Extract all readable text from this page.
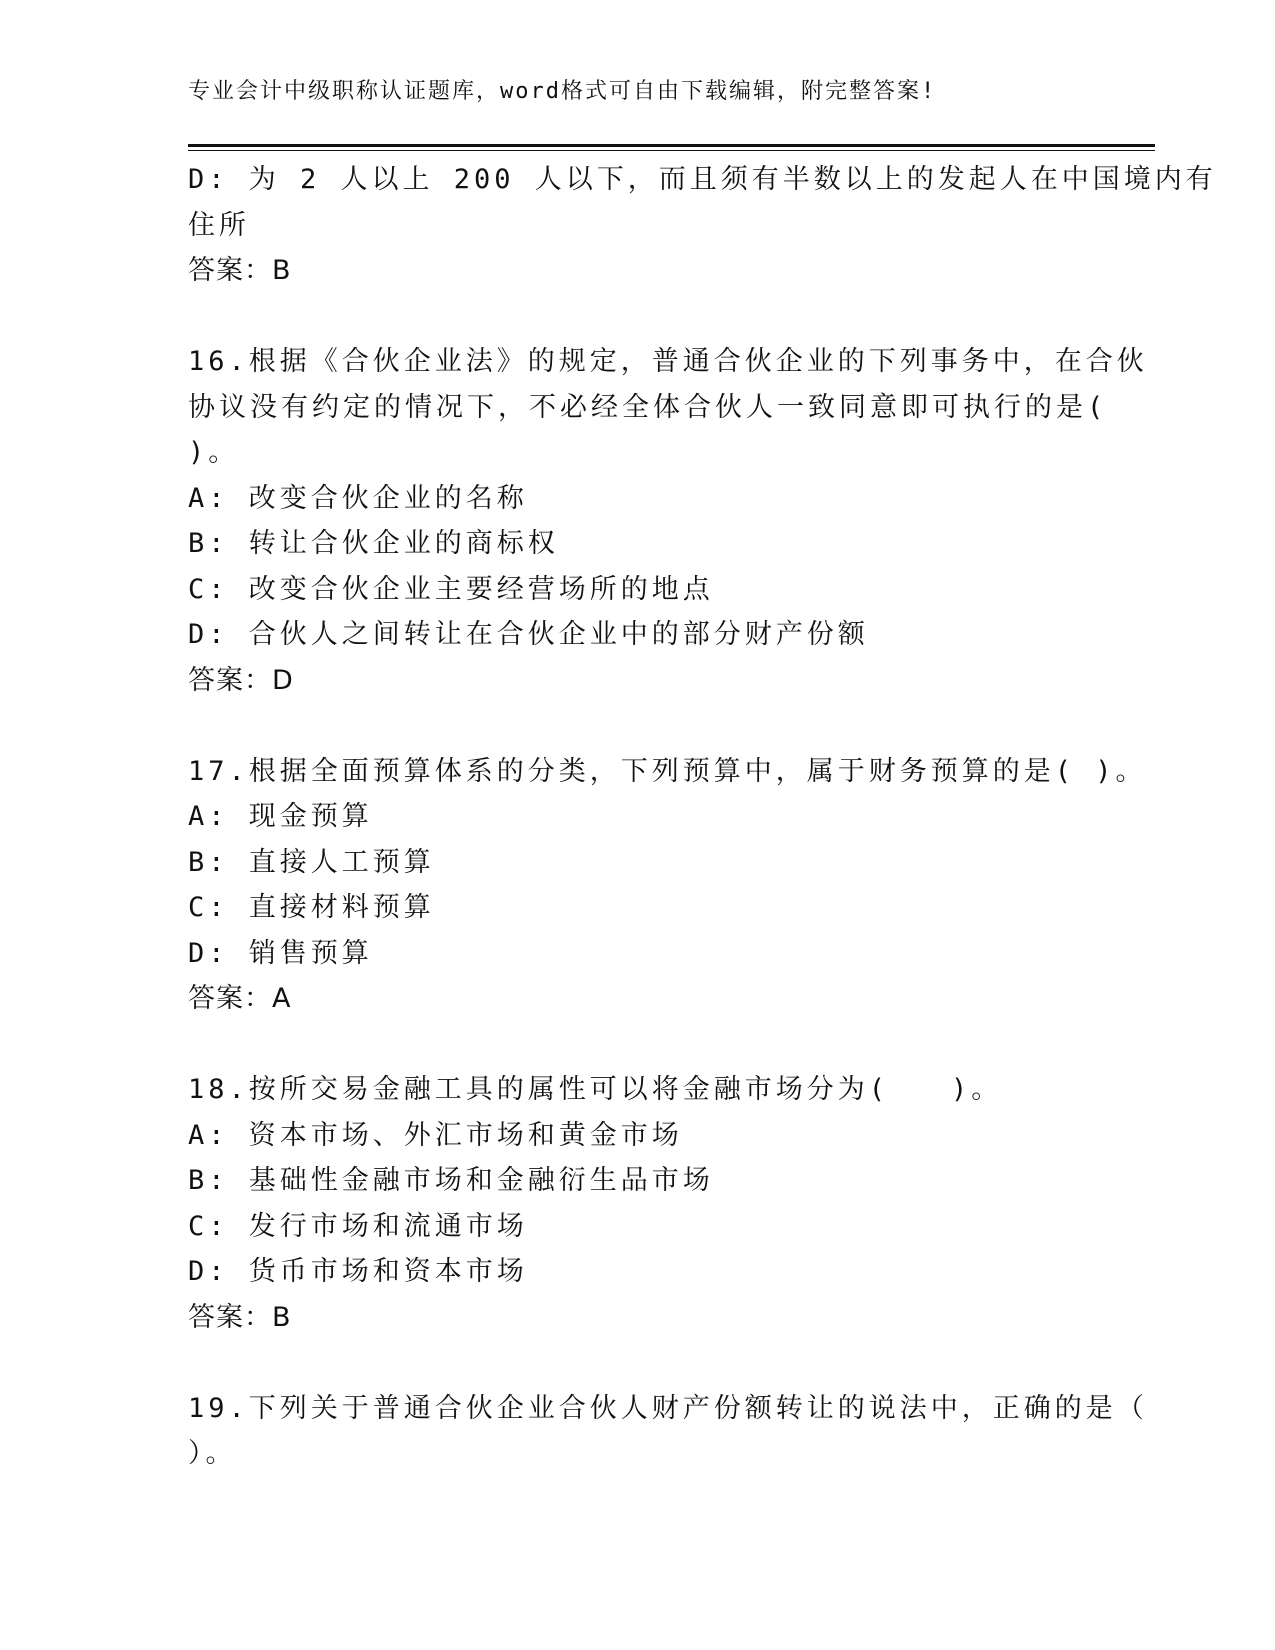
专业会计中级职称认证题库，word格式可自由下载编辑，附完整答案!
D: 为 2 人以上 200 人以下，而且须有半数以上的发起人在中国境内有
住所
答案：B
16.根据《合伙企业法》的规定，普通合伙企业的下列事务中，在合伙
协议没有约定的情况下，不必经全体合伙人一致同意即可执行的是(
)。
A: 改变合伙企业的名称
B: 转让合伙企业的商标权
C: 改变合伙企业主要经营场所的地点
D: 合伙人之间转让在合伙企业中的部分财产份额
答案：D
17.根据全面预算体系的分类，下列预算中，属于财务预算的是( )。
A: 现金预算
B: 直接人工预算
C: 直接材料预算
D: 销售预算
答案：A
18.按所交易金融工具的属性可以将金融市场分为(　　)。
A: 资本市场、外汇市场和黄金市场
B: 基础性金融市场和金融衍生品市场
C: 发行市场和流通市场
D: 货币市场和资本市场
答案：B
19.下列关于普通合伙企业合伙人财产份额转让的说法中，正确的是（
）。
